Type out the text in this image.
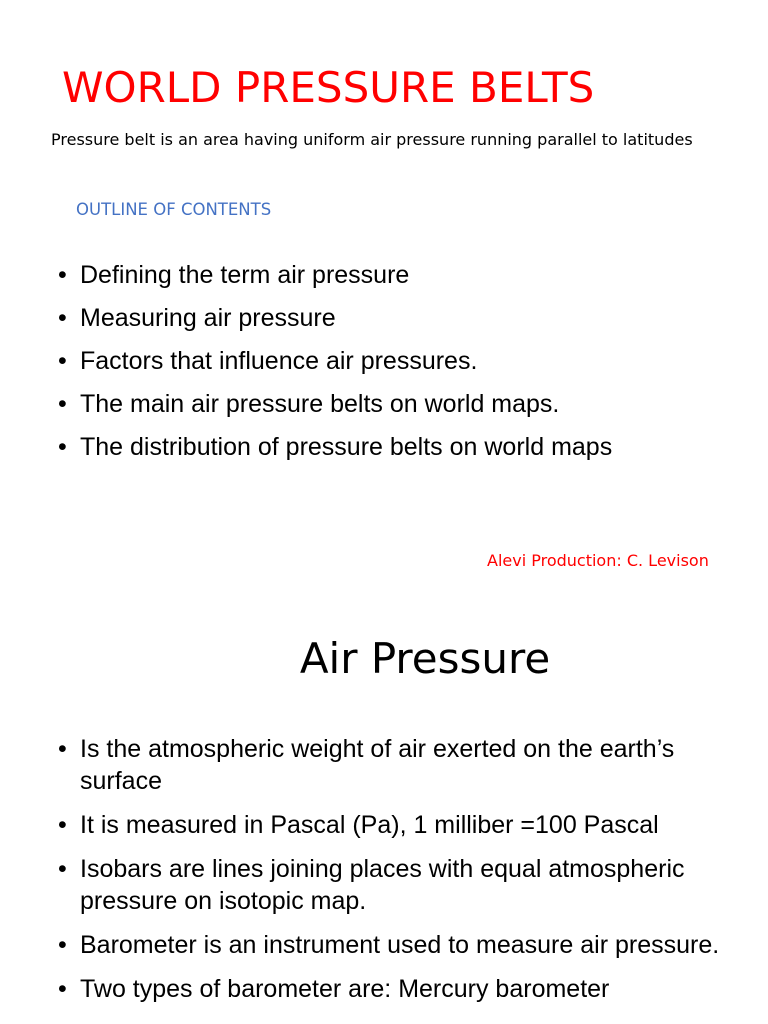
WORLD PRESSURE BELTS
Pressure belt is an area having uniform air pressure running parallel to latitudes
OUTLINE OF CONTENTS
• Defining the term air pressure
• Measuring air pressure
• Factors that influence air pressures.
• The main air pressure belts on world maps.
• The distribution of pressure belts on world maps
Alevi Production: C. Levison
Air Pressure
• Is the atmospheric weight of air exerted on the earth’s surface
• It is measured in Pascal (Pa), 1 milliber =100 Pascal
• Isobars are lines joining places with equal atmospheric pressure on isotopic map.
• Barometer is an instrument used to measure air pressure.
• Two types of barometer are: Mercury barometer
